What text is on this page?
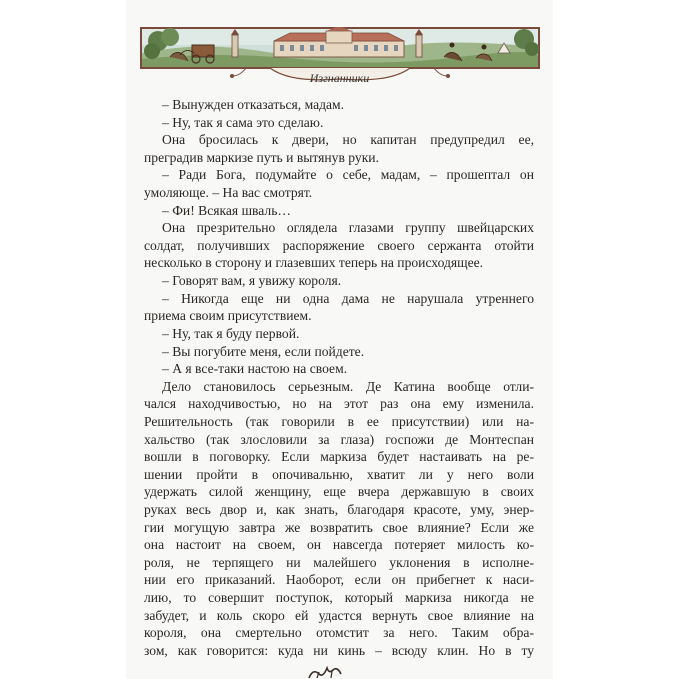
Изгнанники
– Вынужден отказаться, мадам.
– Ну, так я сама это сделаю.
Она бросилась к двери, но капитан предупредил ее,
преградив маркизе путь и вытянув руки.
– Ради Бога, подумайте о себе, мадам, – прошептал он
умоляюще. – На вас смотрят.
– Фи! Всякая шваль…
Она презрительно оглядела глазами группу швейцарских
солдат, получивших распоряжение своего сержанта отойти
несколько в сторону и глазевших теперь на происходящее.
– Говорят вам, я увижу короля.
– Никогда еще ни одна дама не нарушала утреннего
приема своим присутствием.
– Ну, так я буду первой.
– Вы погубите меня, если пойдете.
– А я все-таки настою на своем.
Дело становилось серьезным. Де Катина вообще отли-
чался находчивостью, но на этот раз она ему изменила.
Решительность (так говорили в ее присутствии) или на-
хальство (так злословили за глаза) госпожи де Монтеспан
вошли в поговорку. Если маркиза будет настаивать на ре-
шении пройти в опочивальню, хватит ли у него воли
удержать силой женщину, еще вчера державшую в своих
руках весь двор и, как знать, благодаря красоте, уму, энер-
гии могущую завтра же возвратить свое влияние? Если же
она настоит на своем, он навсегда потеряет милость ко-
роля, не терпящего ни малейшего уклонения в исполне-
нии его приказаний. Наоборот, если он прибегнет к наси-
лию, то совершит поступок, который маркиза никогда не
забудет, и коль скоро ей удастся вернуть свое влияние на
короля, она смертельно отомстит за него. Таким обра-
зом, как говорится: куда ни кинь – всюду клин. Но в ту
